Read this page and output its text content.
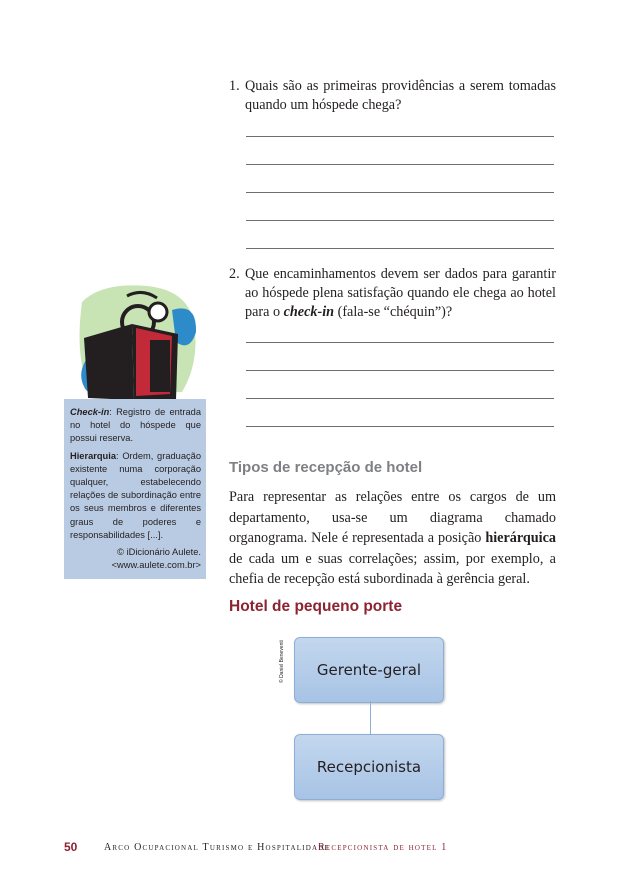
1. Quais são as primeiras providências a serem tomadas quando um hóspede chega?
2. Que encaminhamentos devem ser dados para garantir ao hóspede plena satisfação quando ele chega ao hotel para o check-in (fala-se “chéquin”)?

Check-in: Registro de entrada no hotel do hóspede que possui reserva.

Hierarquia: Ordem, graduação existente numa corporação qualquer, estabelecendo relações de subordinação entre os seus membros e diferentes graus de poderes e responsabilidades [...].

© iDicionário Aulete.

<www.aulete.com.br>

Tipos de recepção de hotel

Para representar as relações entre os cargos de um departamento, usa-se um diagrama chamado organograma. Nele é representada a posição hierárquica de cada um e suas correlações; assim, por exemplo, a chefia de recepção está subordinada à gerência geral.

Hotel de pequeno porte
© Daniel Beneventi	Gerente-geral
Recepcionista
50	Arco Ocupacional Turismo e Hospitalidade
Recepcionista de hotel 1
